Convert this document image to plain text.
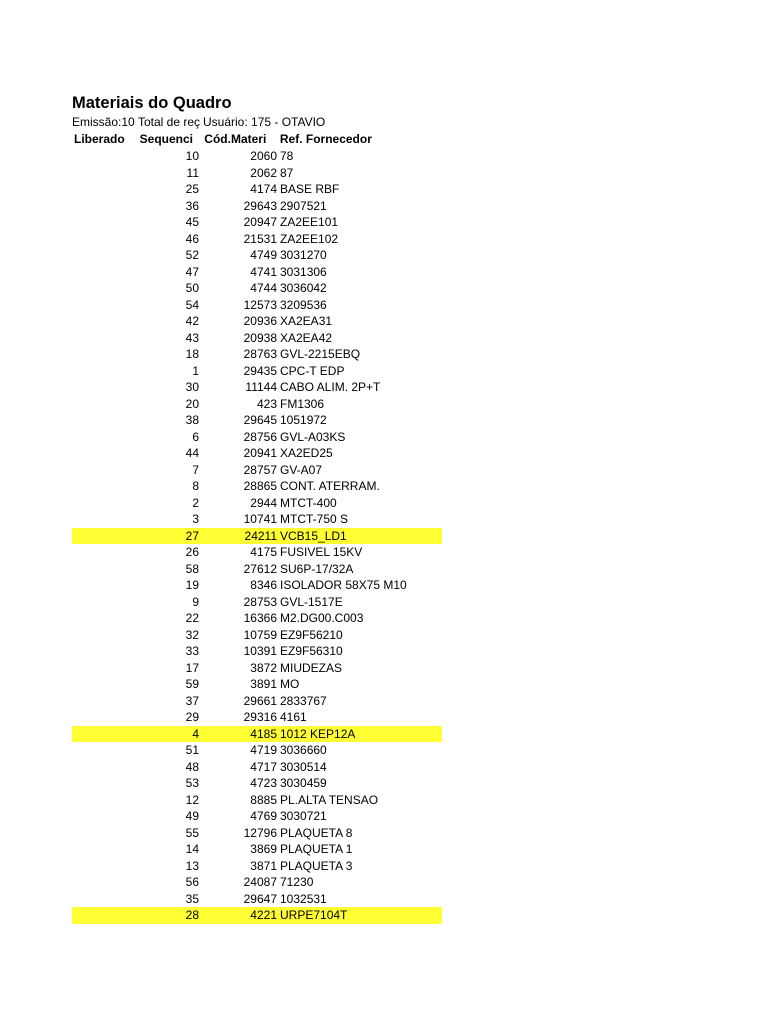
Materiais do Quadro
Emissão:10 Total de reç Usuário: 175 - OTAVIO
Liberado	Sequenci Cód.Materi	Ref. Fornecedor
10	2060 78
11	2062 87
25	4174 BASE RBF
36	29643 2907521
45	20947 ZA2EE101
46	21531 ZA2EE102
52	4749 3031270
47	4741 3031306
50	4744 3036042
54	12573 3209536
42	20936 XA2EA31
43	20938 XA2EA42
18	28763 GVL-2215EBQ
1	29435 CPC-T EDP
30	11144 CABO ALIM. 2P+T
20	423 FM1306
38	29645 1051972
6	28756 GVL-A03KS
44	20941 XA2ED25
7	28757 GV-A07
8	28865 CONT. ATERRAM.
2	2944 MTCT-400
3	10741 MTCT-750 S
27	24211 VCB15_LD1
26	4175 FUSIVEL 15KV
58	27612 SU6P-17/32A
19	8346 ISOLADOR 58X75 M10
9	28753 GVL-1517E
22	16366 M2.DG00.C003
32	10759 EZ9F56210
33	10391 EZ9F56310
17	3872 MIUDEZAS
59	3891 MO
37	29661 2833767
29	29316 4161
4	4185 1012 KEP12A
51	4719 3036660
48	4717 3030514
53	4723 3030459
12	8885 PL.ALTA TENSAO
49	4769 3030721
55	12796 PLAQUETA 8
14	3869 PLAQUETA 1
13	3871 PLAQUETA 3
56	24087 71230
35	29647 1032531
28	4221 URPE7104T
